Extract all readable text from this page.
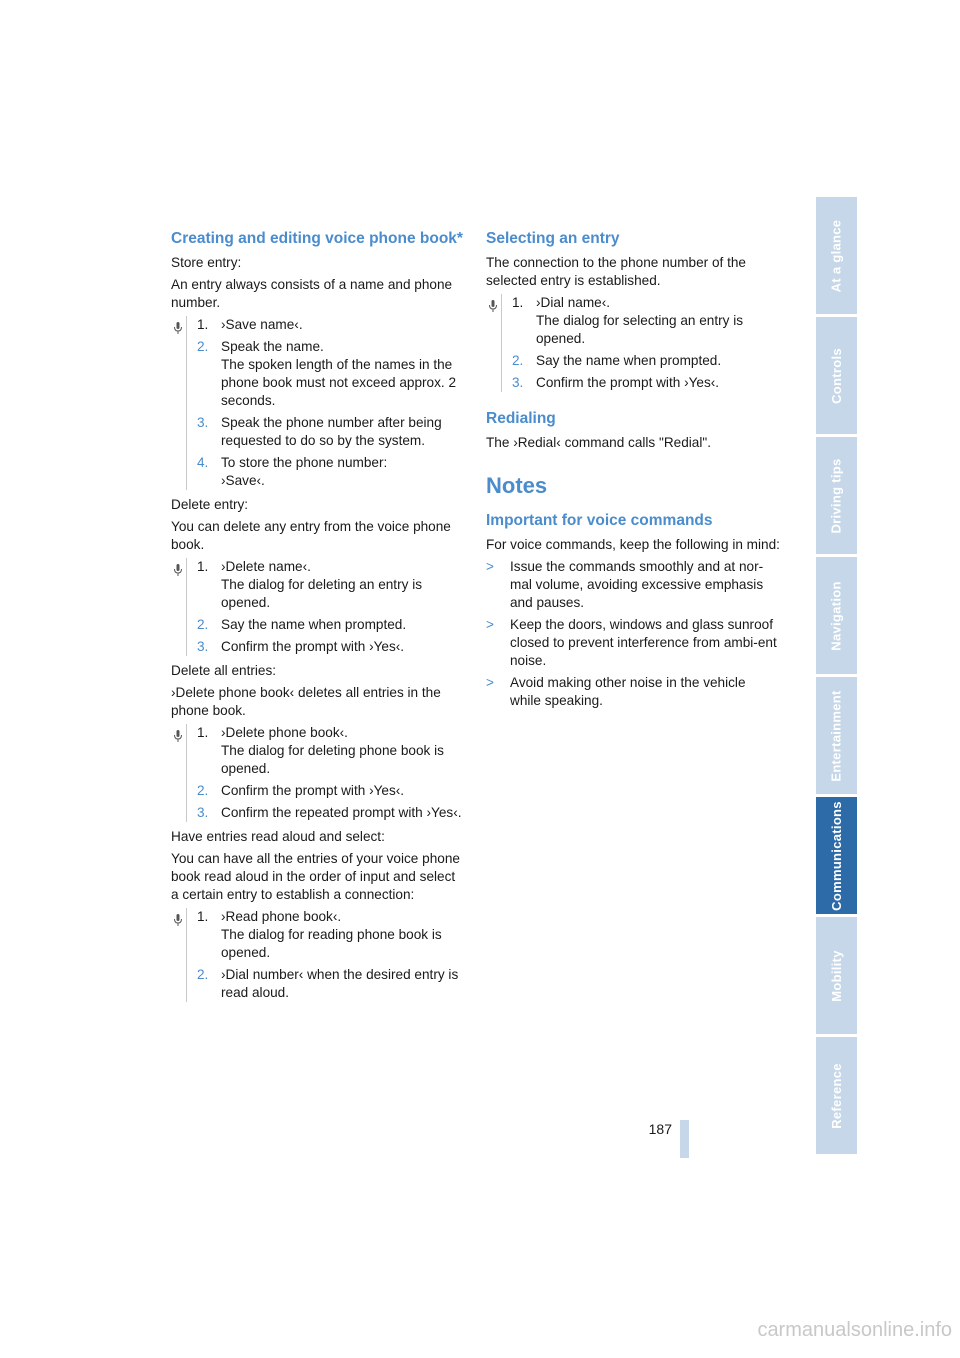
Creating and editing voice phone book*

Store entry:

An entry always consists of a name and phone number.

1. ›Save name‹.
2. Speak the name.
The spoken length of the names in the phone book must not exceed approx. 2 seconds.
3. Speak the phone number after being requested to do so by the system.
4. To store the phone number:
›Save‹.

Delete entry:

You can delete any entry from the voice phone book.

1. ›Delete name‹.
The dialog for deleting an entry is opened.
2. Say the name when prompted.
3. Confirm the prompt with ›Yes‹.

Delete all entries:

›Delete phone book‹ deletes all entries in the phone book.

1. ›Delete phone book‹.
The dialog for deleting phone book is opened.
2. Confirm the prompt with ›Yes‹.
3. Confirm the repeated prompt with ›Yes‹.

Have entries read aloud and select:

You can have all the entries of your voice phone book read aloud in the order of input and select a certain entry to establish a connection:

1. ›Read phone book‹.
The dialog for reading phone book is opened.
2. ›Dial number‹ when the desired entry is read aloud.
Selecting an entry

The connection to the phone number of the selected entry is established.

1. ›Dial name‹.
The dialog for selecting an entry is opened.
2. Say the name when prompted.
3. Confirm the prompt with ›Yes‹.
Redialing

The ›Redial‹ command calls "Redial".

Notes
Important for voice commands

For voice commands, keep the following in mind:

>	Issue the commands smoothly and at nor-mal volume, avoiding excessive emphasis and pauses.
>	Keep the doors, windows and glass sunroof closed to prevent interference from ambi-ent noise.
>	Avoid making other noise in the vehicle while speaking.
At a glance
Controls
Driving tips
Navigation
Entertainment
Communications
Mobility
Reference
187
carmanualsonline.info
